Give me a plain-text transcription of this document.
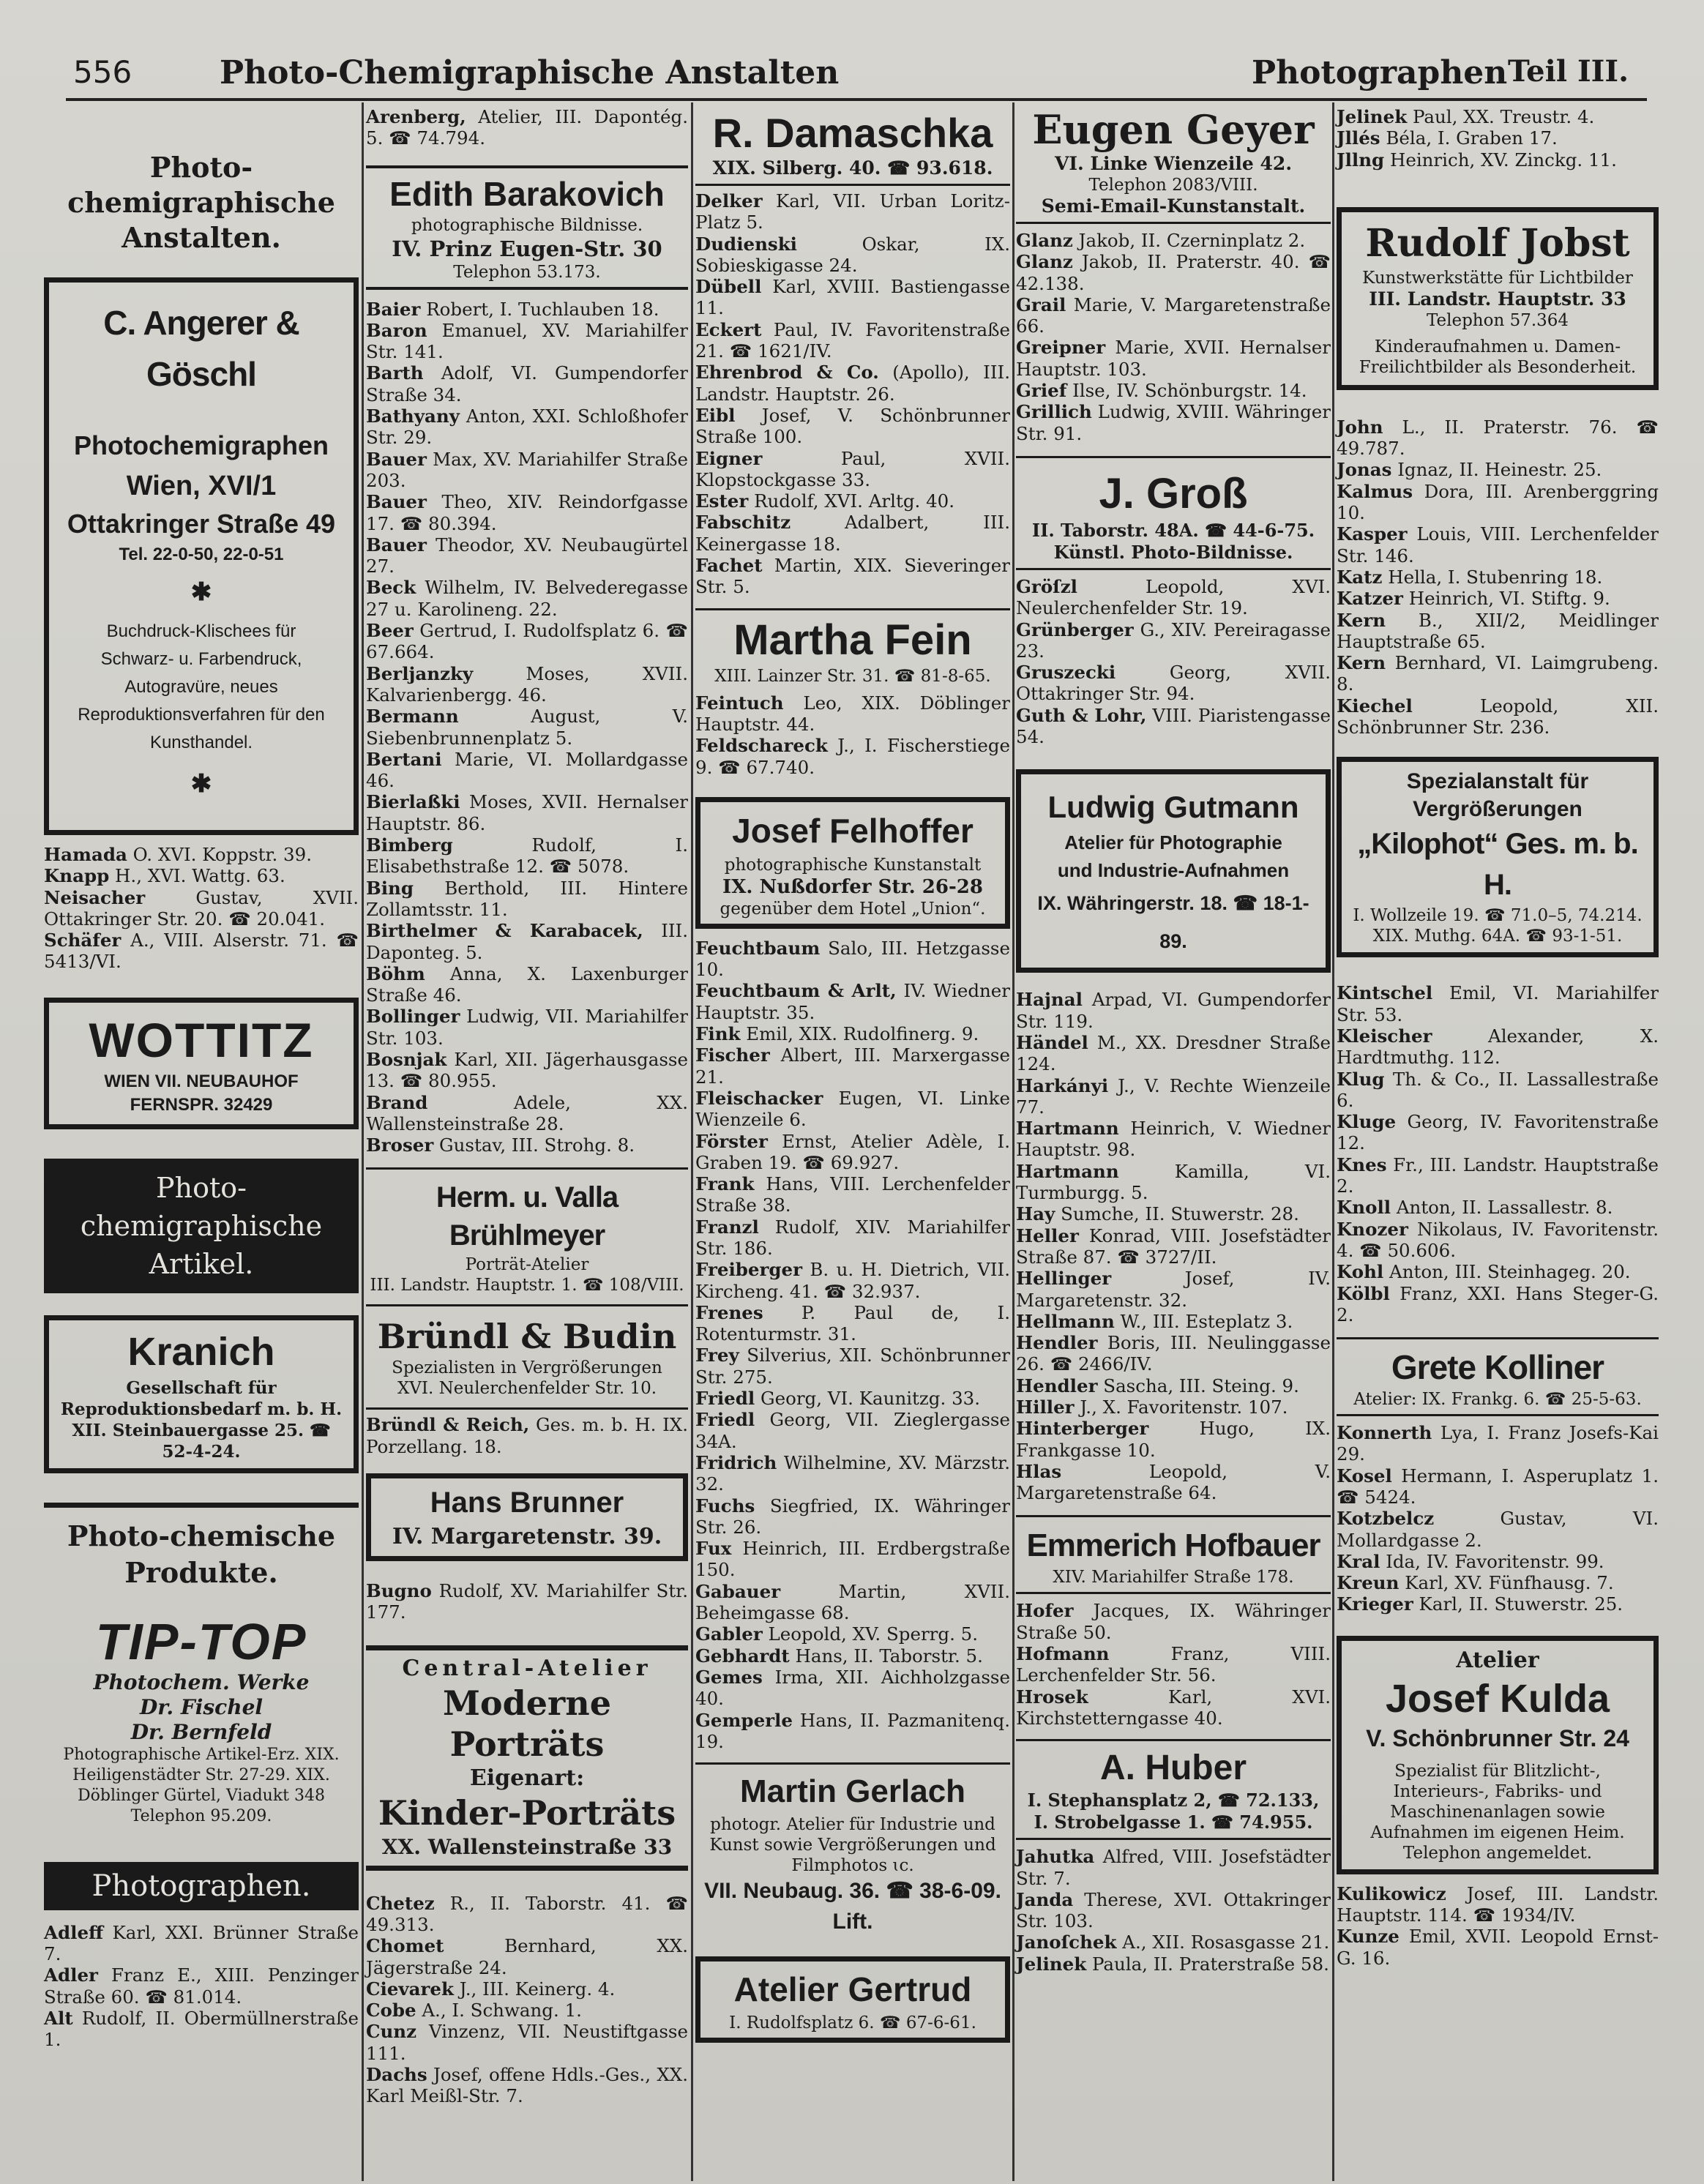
556	Photo-Chemigraphische Anstalten	Photographen Teil III.
Photo-chemigraphische Anstalten.
C. Angerer & Göschl
Photochemigraphen
Wien, XVI/1
Ottakringer Straße 49
Tel. 22-0-50, 22-0-51
✱
Buchdruck-Klischees für Schwarz- u. Farbendruck, Autogravüre, neues Reproduktionsverfahren für den Kunsthandel.
✱
Hamada O. XVI. Koppstr. 39.
Knapp H., XVI. Wattg. 63.
Neisacher	Gustav, XVII. Ottakringer Str. 20. ☎ 20.041.
Schäfer A., VIII. Alserstr. 71. ☎ 5413/VI.
WOTTITZ
WIEN VII. NEUBAUHOF
FERNSPR. 32429
Photo-chemigraphische Artikel.
Kranich
Gesellschaft für Reproduktionsbedarf m. b. H. XII. Steinbauergasse 25. ☎ 52-4-24.
Photo-chemische Produkte.
TIP-TOP
Photochem. Werke
Dr. Fischel
Dr. Bernfeld
Photographische Artikel-Erz. XIX. Heiligenstädter Str. 27-29. XIX. Döblinger Gürtel, Viadukt 348 Telephon 95.209.
Photographen.
Adleff Karl, XXI. Brünner Straße 7.
Adler Franz E., XIII. Penzinger Straße 60. ☎ 81.014.
Alt Rudolf, II. Obermüllnerstraße 1.
Arenberg, Atelier, III. Dapontég. 5. ☎ 74.794.
Edith Barakovich
photographische Bildnisse.
IV. Prinz Eugen-Str. 30
Telephon 53.173.
Baier Robert, I. Tuchlauben 18.
Baron Emanuel, XV. Mariahilfer Str. 141.
Barth Adolf, VI. Gumpendorfer Straße 34.
Bathyany Anton, XXI. Schloßhofer Str. 29.
Bauer Max, XV. Mariahilfer Straße 203.
Bauer Theo, XIV. Reindorfgasse 17. ☎ 80.394.
Bauer Theodor, XV. Neubaugürtel 27.
Beck Wilhelm, IV. Belvederegasse 27 u. Karolineng. 22.
Beer Gertrud, I. Rudolfsplatz 6. ☎ 67.664.
Berljanzky	Moses, XVII. Kalvarienbergg. 46.
Bermann	August, V. Siebenbrunnenplatz 5.
Bertani Marie, VI. Mollardgasse 46.
Bierlaßki Moses, XVII. Hernalser Hauptstr. 86.
Bimberg	Rudolf, I. Elisabethstraße 12. ☎ 5078.
Bing Berthold, III. Hintere Zollamtsstr. 11.
Birthelmer & Karabacek, III. Daponteg. 5.
Böhm Anna, X. Laxenburger Straße 46.
Bollinger Ludwig, VII. Mariahilfer Str. 103.
Bosnjak Karl, XII. Jägerhausgasse 13. ☎ 80.955.
Brand	Adele, XX. Wallensteinstraße 28.
Broser Gustav, III. Strohg. 8.
Herm. u. Valla Brühlmeyer
Porträt-Atelier
III. Landstr. Hauptstr. 1. ☎ 108/VIII.
Bründl & Budin
Spezialisten in Vergrößerungen
XVI. Neulerchenfelder Str. 10.
Bründl & Reich, Ges. m. b. H. IX. Porzellang. 18.
Hans Brunner
IV. Margaretenstr. 39.
Bugno Rudolf, XV. Mariahilfer Str. 177.
Central-Atelier
Moderne Porträts
Eigenart:
Kinder-Porträts
XX. Wallensteinstraße 33
Chetez R., II. Taborstr. 41. ☎ 49.313.
Chomet	Bernhard, XX. Jägerstraße 24.
Cievarek J., III. Keinerg. 4.
Cobe A., I. Schwang. 1.
Cunz Vinzenz, VII. Neustiftgasse 111.
Dachs Josef, offene Hdls.-Ges., XX. Karl Meißl-Str. 7.
R. Damaschka
XIX. Silberg. 40. ☎ 93.618.
Delker Karl, VII. Urban Loritz-Platz 5.
Dudienski	Oskar, IX. Sobieskigasse 24.
Dübell Karl, XVIII. Bastiengasse 11.
Eckert Paul, IV. Favoritenstraße 21. ☎ 1621/IV.
Ehrenbrod & Co. (Apollo), III. Landstr. Hauptstr. 26.
Eibl Josef, V. Schönbrunner Straße 100.
Eigner	Paul, XVII. Klopstockgasse 33.
Ester Rudolf, XVI. Arltg. 40.
Fabschitz	Adalbert, III. Keinergasse 18.
Fachet Martin, XIX. Sieveringer Str. 5.
Martha Fein
XIII. Lainzer Str. 31. ☎ 81-8-65.
Feintuch Leo, XIX. Döblinger Hauptstr. 44.
Feldschareck J., I. Fischerstiege 9. ☎ 67.740.
Josef Felhoffer
photographische Kunstanstalt
IX. Nußdorfer Str. 26-28
gegenüber dem Hotel „Union“.
Feuchtbaum Salo, III. Hetzgasse 10.
Feuchtbaum & Arlt, IV. Wiedner Hauptstr. 35.
Fink Emil, XIX. Rudolfinerg. 9.
Fischer Albert, III. Marxergasse 21.
Fleischacker Eugen, VI. Linke Wienzeile 6.
Förster Ernst, Atelier Adèle, I. Graben 19. ☎ 69.927.
Frank Hans, VIII. Lerchenfelder Straße 38.
Franzl Rudolf, XIV. Mariahilfer Str. 186.
Freiberger B. u. H. Dietrich, VII. Kircheng. 41. ☎ 32.937.
Frenes P. Paul de, I. Rotenturmstr. 31.
Frey Silverius, XII. Schönbrunner Str. 275.
Friedl Georg, VI. Kaunitzg. 33.
Friedl Georg, VII. Zieglergasse 34A.
Fridrich Wilhelmine, XV. Märzstr. 32.
Fuchs Siegfried, IX. Währinger Str. 26.
Fux Heinrich, III. Erdbergstraße 150.
Gabauer	Martin, XVII. Beheimgasse 68.
Gabler Leopold, XV. Sperrg. 5.
Gebhardt Hans, II. Taborstr. 5.
Gemes Irma, XII. Aichholzgasse 40.
Gemperle Hans, II. Pazmanitenq. 19.
Martin Gerlach
photogr. Atelier für Industrie und Kunst sowie Vergrößerungen und Filmphotos ɩc.
VII. Neubaug. 36. ☎ 38-6-09. Lift.
Atelier Gertrud
I. Rudolfsplatz 6. ☎ 67-6-61.
Eugen Geyer
VI. Linke Wienzeile 42.
Telephon 2083/VIII.
Semi-Email-Kunstanstalt.
Glanz Jakob, II. Czerninplatz 2.
Glanz Jakob, II. Praterstr. 40. ☎ 42.138.
Grail Marie, V. Margaretenstraße 66.
Greipner Marie, XVII. Hernalser Hauptstr. 103.
Grief Ilse, IV. Schönburgstr. 14.
Grillich Ludwig, XVIII. Währinger Str. 91.
J. Groß
II. Taborstr. 48A. ☎ 44-6-75.
Künstl. Photo-Bildnisse.
Gröſzl	Leopold, XVI. Neulerchenfelder Str. 19.
Grünberger G., XIV. Pereiragasse 23.
Gruszecki	Georg, XVII. Ottakringer Str. 94.
Guth & Lohr, VIII. Piaristengasse 54.
Ludwig Gutmann
Atelier für Photographie
und Industrie-Aufnahmen
IX. Währingerstr. 18. ☎ 18-1-89.
Hajnal Arpad, VI. Gumpendorfer Str. 119.
Händel M., XX. Dresdner Straße 124.
Harkányi J., V. Rechte Wienzeile 77.
Hartmann Heinrich, V. Wiedner Hauptstr. 98.
Hartmann	Kamilla, VI. Turmburgg. 5.
Hay Sumche, II. Stuwerstr. 28.
Heller Konrad, VIII. Josefstädter Straße 87. ☎ 3727/II.
Hellinger	Josef, IV. Margaretenstr. 32.
Hellmann W., III. Esteplatz 3.
Hendler Boris, III. Neulinggasse 26. ☎ 2466/IV.
Hendler Sascha, III. Steing. 9.
Hiller J., X. Favoritenstr. 107.
Hinterberger	Hugo, IX. Frankgasse 10.
Hlas	Leopold, V. Margaretenstraße 64.
Emmerich Hofbauer
XIV. Mariahilfer Straße 178.
Hofer Jacques, IX. Währinger Straße 50.
Hofmann	Franz, VIII. Lerchenfelder Str. 56.
Hrosek	Karl, XVI. Kirchstetterngasse 40.
A. Huber
I. Stephansplatz 2, ☎ 72.133,
I. Strobelgasse 1. ☎ 74.955.
Jahutka Alfred, VIII. Josefstädter Str. 7.
Janda Therese, XVI. Ottakringer Str. 103.
Janoſchek A., XII. Rosasgasse 21.
Jelinek Paula, II. Praterstraße 58.
Jelinek Paul, XX. Treustr. 4.
Jllés Béla, I. Graben 17.
Jllng Heinrich, XV. Zinckg. 11.
Rudolf Jobst
Kunstwerkstätte für Lichtbilder
III. Landstr. Hauptstr. 33
Telephon 57.364
Kinderaufnahmen u. Damen-Freilichtbilder als Besonderheit.
John L., II. Praterstr. 76. ☎ 49.787.
Jonas Ignaz, II. Heinestr. 25.
Kalmus Dora, III. Arenberggring 10.
Kasper Louis, VIII. Lerchenfelder Str. 146.
Katz Hella, I. Stubenring 18.
Katzer Heinrich, VI. Stiftg. 9.
Kern B., XII/2, Meidlinger Hauptstraße 65.
Kern Bernhard, VI. Laimgrubeng. 8.
Kiechel	Leopold, XII. Schönbrunner Str. 236.
Spezialanstalt für
Vergrößerungen
„Kilophot“ Ges. m. b. H.
I. Wollzeile 19. ☎ 71.0–5, 74.214.
XIX. Muthg. 64A. ☎ 93-1-51.
Kintschel Emil, VI. Mariahilfer Str. 53.
Kleischer	Alexander, X. Hardtmuthg. 112.
Klug Th. & Co., II. Lassallestraße 6.
Kluge Georg, IV. Favoritenstraße 12.
Knes Fr., III. Landstr. Hauptstraße 2.
Knoll Anton, II. Lassallestr. 8.
Knozer Nikolaus, IV. Favoritenstr. 4. ☎ 50.606.
Kohl Anton, III. Steinhageg. 20.
Kölbl Franz, XXI. Hans Steger-G. 2.
Grete Kolliner
Atelier: IX. Frankg. 6. ☎ 25-5-63.
Konnerth Lya, I. Franz Josefs-Kai 29.
Kosel Hermann, I. Asperuplatz 1. ☎ 5424.
Kotzbelcz	Gustav, VI. Mollardgasse 2.
Kral Ida, IV. Favoritenstr. 99.
Kreun Karl, XV. Fünfhausg. 7.
Krieger Karl, II. Stuwerstr. 25.
Atelier
Josef Kulda
V. Schönbrunner Str. 24
Spezialist für Blitzlicht-, Interieurs-, Fabriks- und Maschinenanlagen sowie Aufnahmen im eigenen Heim. Telephon angemeldet.
Kulikowicz Josef, III. Landstr. Hauptstr. 114. ☎ 1934/IV.
Kunze Emil, XVII. Leopold Ernst-G. 16.
